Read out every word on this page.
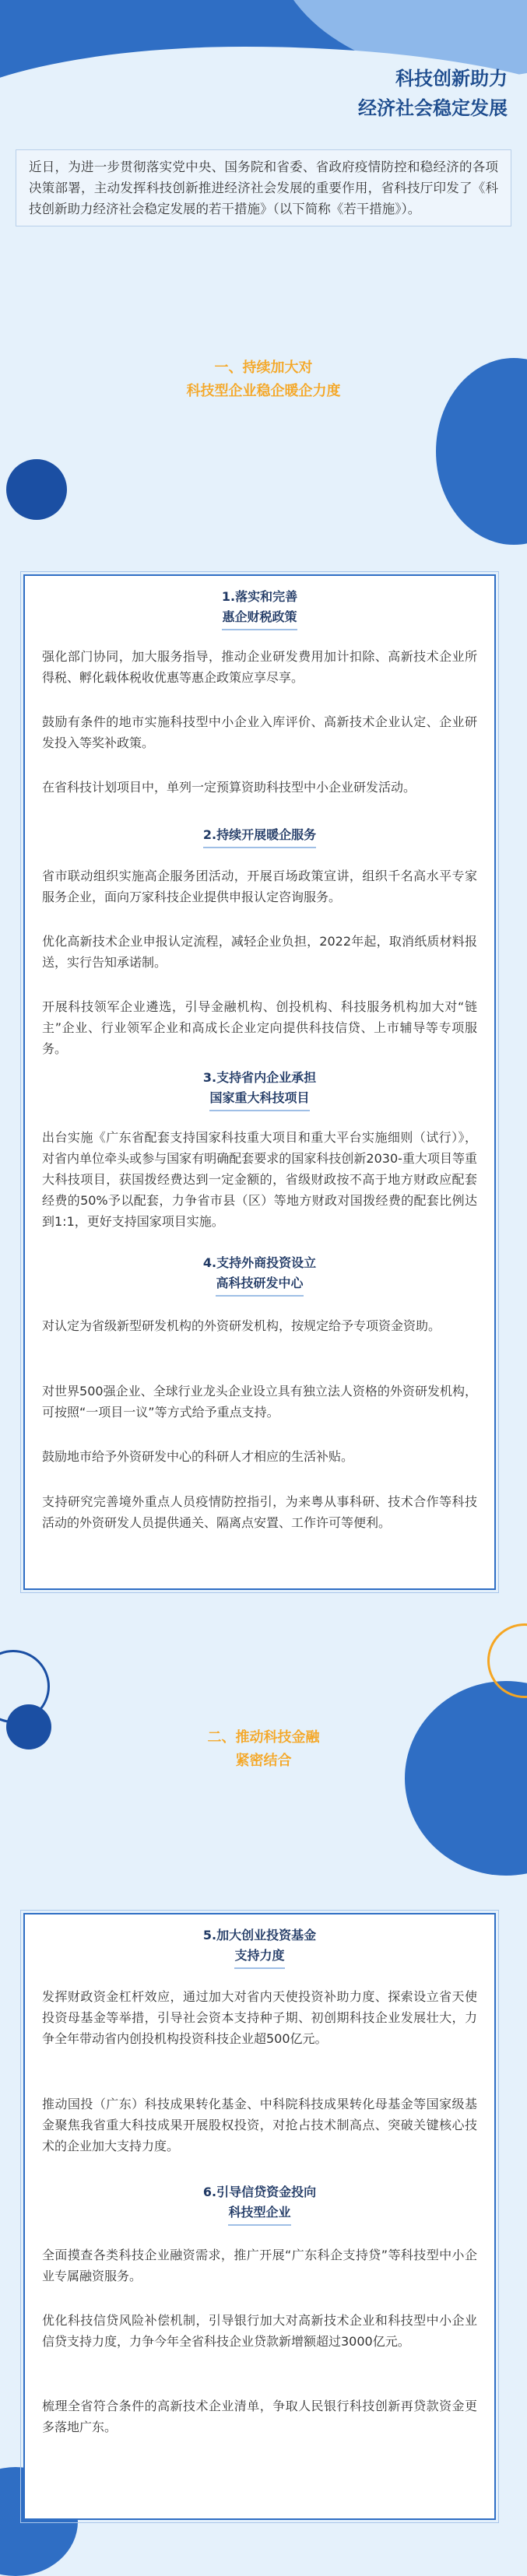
科技创新助力
经济社会稳定发展
近日，为进一步贯彻落实党中央、国务院和省委、省政府疫情防控和稳经济的各项决策部署，主动发挥科技创新推进经济社会发展的重要作用，省科技厅印发了《科技创新助力经济社会稳定发展的若干措施》（以下简称《若干措施》）。
一、持续加大对
科技型企业稳企暖企力度
1.落实和完善
惠企财税政策

强化部门协同，加大服务指导，推动企业研发费用加计扣除、高新技术企业所得税、孵化载体税收优惠等惠企政策应享尽享。

鼓励有条件的地市实施科技型中小企业入库评价、高新技术企业认定、企业研发投入等奖补政策。

在省科技计划项目中，单列一定预算资助科技型中小企业研发活动。

2.持续开展暖企服务

省市联动组织实施高企服务团活动，开展百场政策宣讲，组织千名高水平专家服务企业，面向万家科技企业提供申报认定咨询服务。

优化高新技术企业申报认定流程，减轻企业负担，2022年起，取消纸质材料报送，实行告知承诺制。

开展科技领军企业遴选，引导金融机构、创投机构、科技服务机构加大对“链主”企业、行业领军企业和高成长企业定向提供科技信贷、上市辅导等专项服务。

3.支持省内企业承担
国家重大科技项目

出台实施《广东省配套支持国家科技重大项目和重大平台实施细则（试行）》，对省内单位牵头或参与国家有明确配套要求的国家科技创新2030-重大项目等重大科技项目，获国拨经费达到一定金额的，省级财政按不高于地方财政应配套经费的50%予以配套，力争省市县（区）等地方财政对国拨经费的配套比例达到1:1，更好支持国家项目实施。

4.支持外商投资设立
高科技研发中心

对认定为省级新型研发机构的外资研发机构，按规定给予专项资金资助。

对世界500强企业、全球行业龙头企业设立具有独立法人资格的外资研发机构，可按照“一项目一议”等方式给予重点支持。

鼓励地市给予外资研发中心的科研人才相应的生活补贴。

支持研究完善境外重点人员疫情防控指引，为来粤从事科研、技术合作等科技活动的外资研发人员提供通关、隔离点安置、工作许可等便利。

二、推动科技金融
紧密结合
5.加大创业投资基金
支持力度

发挥财政资金杠杆效应，通过加大对省内天使投资补助力度、探索设立省天使投资母基金等举措，引导社会资本支持种子期、初创期科技企业发展壮大，力争全年带动省内创投机构投资科技企业超500亿元。

推动国投（广东）科技成果转化基金、中科院科技成果转化母基金等国家级基金聚焦我省重大科技成果开展股权投资，对抢占技术制高点、突破关键核心技术的企业加大支持力度。

6.引导信贷资金投向
科技型企业

全面摸查各类科技企业融资需求，推广开展“广东科企支持贷”等科技型中小企业专属融资服务。

优化科技信贷风险补偿机制，引导银行加大对高新技术企业和科技型中小企业信贷支持力度，力争今年全省科技企业贷款新增额超过3000亿元。

梳理全省符合条件的高新技术企业清单，争取人民银行科技创新再贷款资金更多落地广东。
